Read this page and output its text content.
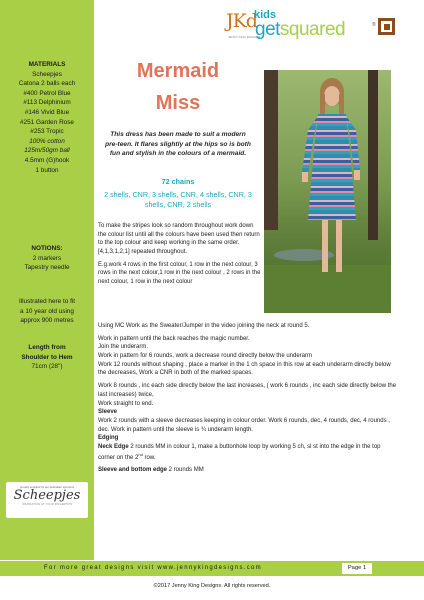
MATERIALS
Scheepjes
Catona 2 balls each
#400 Petrol Blue
#113 Delphinium
#146 Vivid Blue
#251 Garden Rose
#253 Tropic
100% cotton
125m/50gm ball
4.5mm (G)hook
1 button
NOTIONS:
2 markers
Tapestry needle
Illustrated here to fit
a 10 year old using
approx 900 metres
Length from
Shoulder to Hem
71cm (28")
proudly supplied by our Australian sponsors
Scheepjes
INSPIRATION AT YOUR FINGERTIPS
JKd
JENNY KING DESIGNS
kids
getsquared	®
Mermaid
Miss
This dress has been made to suit a modern pre-teen. It flares slightly at the hips so is both fun and stylish in the colours of a mermaid.
72 chains
2 shells, CNR, 3 shells, CNR, 4 shells, CNR, 3 shells, CNR, 2 shells

To make the stripes look so random throughout work down the colour list until all the colours have been used then return to the top colour and keep working in the same order. [4,1,3,1,2,1] repeated throughout.

E.g.work 4 rows in the first colour, 1 row in the next colour, 3 rows in the next colour,1 row in the next colour , 2 rows in the next colour, 1 row in the next colour

Using MC Work as the Sweater/Jumper in the video joining the neck at round 5.

Work in pattern until the back reaches the magic number.
Join the underarm.
Work in pattern for 6 rounds, work a decrease round directly below the underarm

Work 12 rounds without shaping , place a marker in the 1 ch space in this row at each underarm directly below the decreases, Work a CNR in both of the marked spaces.

Work 8 rounds , inc each side directly below the last increases, ( work 6 rounds , inc each side directly below the last increases) twice,
Work straight to end.
Sleeve
Work 2 rounds with a sleeve decreases keeping in colour order. Work 6 rounds, dec, 4 rounds, dec, 4 rounds , dec. Work in pattern until the sleeve is ¾ underarm length.
Edging

Neck Edge 2 rounds MM in colour 1, make a buttonhole loop by working 5 ch, sl st into the edge in the top corner on the 2nd row.

Sleeve and bottom edge 2 rounds MM

For more great designs visit www.jennykingdesigns.com	Page 1
©2017 Jenny King Designs. All rights reserved.
